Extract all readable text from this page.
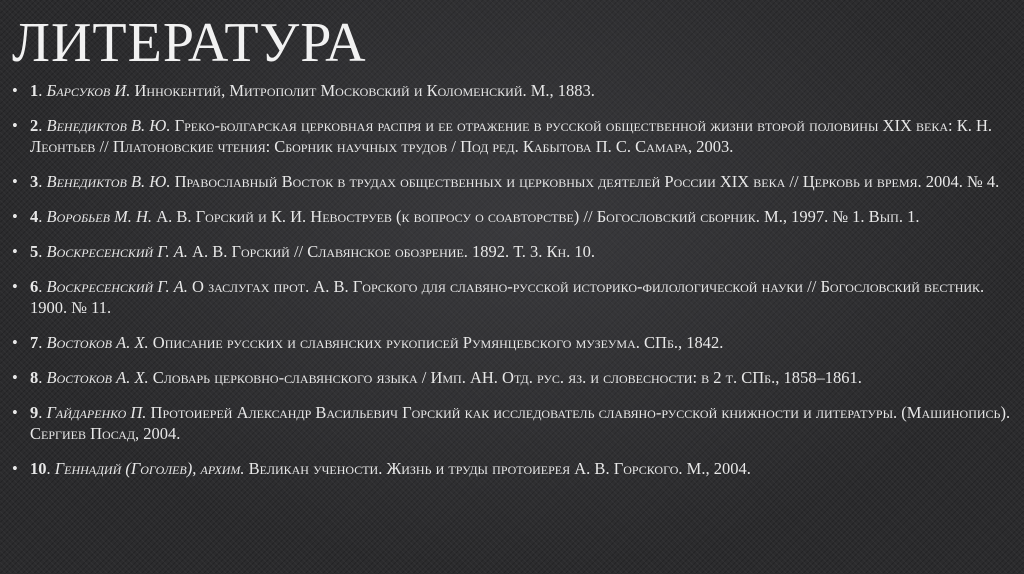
ЛИТЕРАТУРА
• 1. Барсуков И. Иннокентий, Митрополит Московский и Коломенский. М., 1883.
• 2. Венедиктов В. Ю. Греко-болгарская церковная распря и ее отражение в русской общественной жизни второй половины XIX века: К. Н. Леонтьев // Платоновские чтения: Сборник научных трудов / Под ред. Кабытова П. С. Самара, 2003.
• 3. Венедиктов В. Ю. Православный Восток в трудах общественных и церковных деятелей России XIX века // Церковь и время. 2004. № 4.
• 4. Воробьев М. Н. А. В. Горский и К. И. Невоструев (к вопросу о соавторстве) // Богословский сборник. М., 1997. № 1. Вып. 1.
• 5. Воскресенский Г. А. А. В. Горский // Славянское обозрение. 1892. Т. 3. Кн. 10.
• 6. Воскресенский Г. А. О заслугах прот. А. В. Горского для славяно-русской историко-филологической науки // Богословский вестник. 1900. № 11.
• 7. Востоков А. Х. Описание русских и славянских рукописей Румянцевского музеума. СПб., 1842.
• 8. Востоков А. Х. Словарь церковно-славянского языка / Имп. АН. Отд. рус. яз. и словесности: в 2 т. СПб., 1858–1861.
• 9. Гайдаренко П. Протоиерей Александр Васильевич Горский как исследователь славяно-русской книжности и литературы. (Машинопись). Сергиев Посад, 2004.
• 10. Геннадий (Гоголев), архим. Великан учености. Жизнь и труды протоиерея А. В. Горского. М., 2004.
